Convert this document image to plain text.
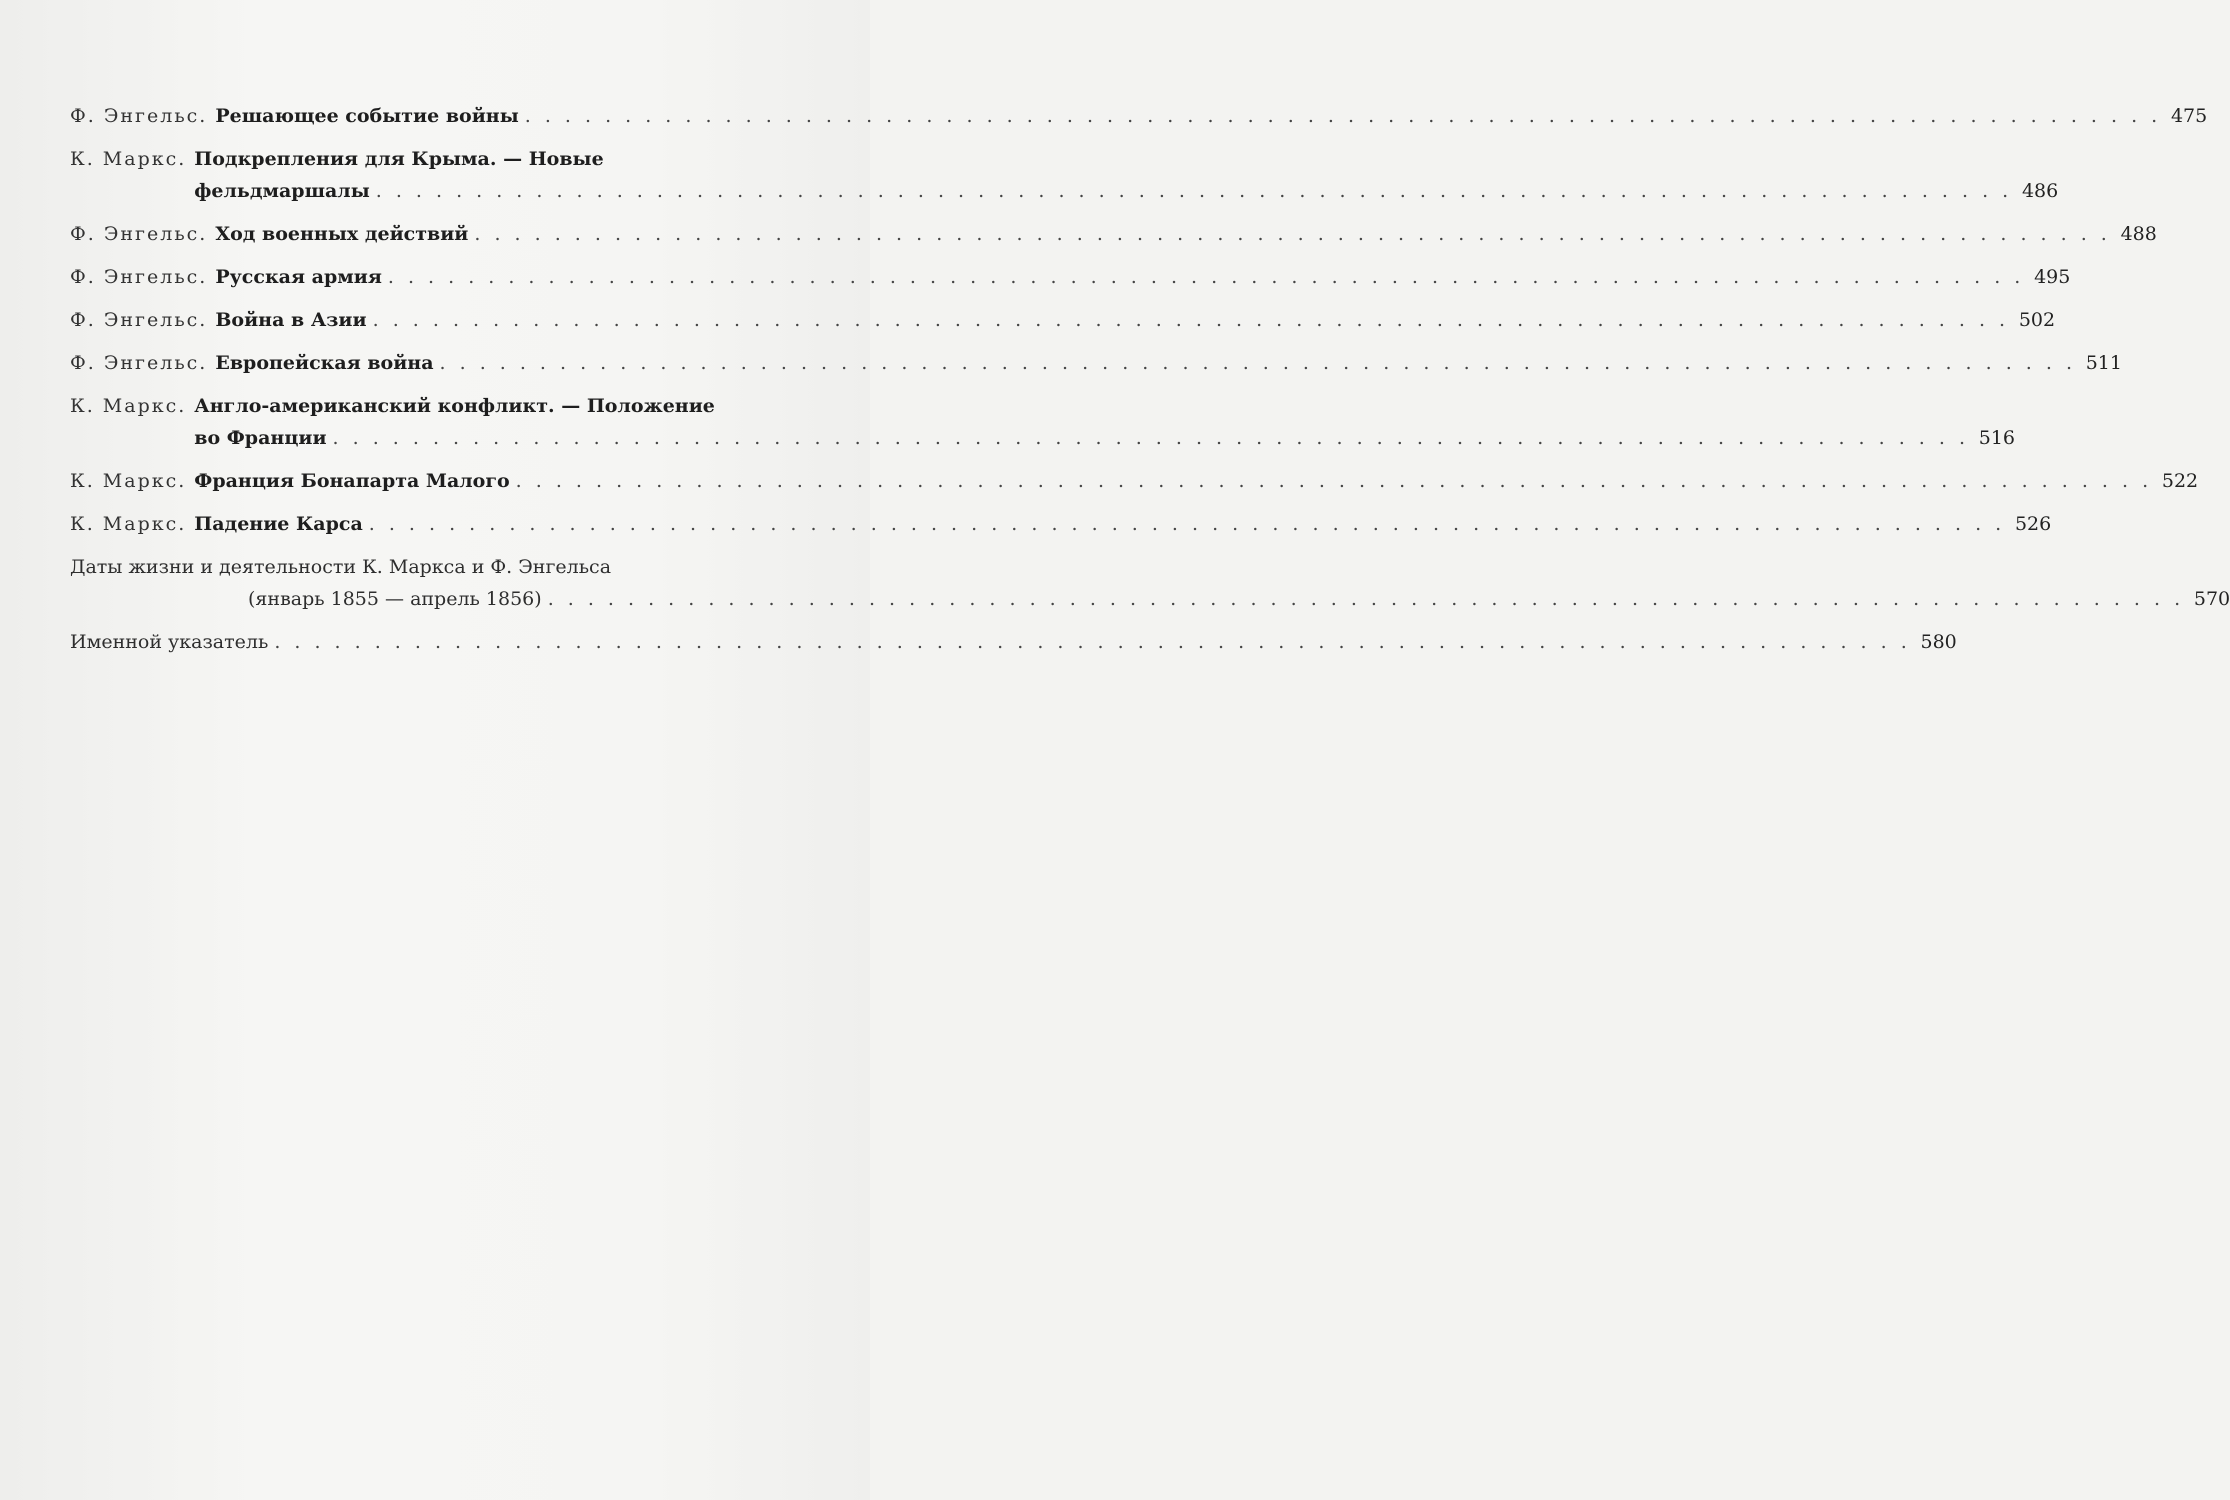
Ф. Энгельс. Решающее событие войны . . .	475
К. Маркс. Подкрепления для Крыма. — Новые
фельдмаршалы . . .	486
Ф. Энгельс. Ход военных действий . . .	488
Ф. Энгельс. Русская армия . . .	495
Ф. Энгельс. Война в Азии . . .	502
Ф. Энгельс. Европейская война . . .	511
К. Маркс. Англо-американский конфликт. — Положение
во Франции . . .	516
К. Маркс. Франция Бонапарта Малого . . .	522
К. Маркс. Падение Карса . . .	526
Даты жизни и деятельности К. Маркса и Ф. Энгельса
(январь 1855 — апрель 1856) . . .	570
Именной указатель . . .	580
